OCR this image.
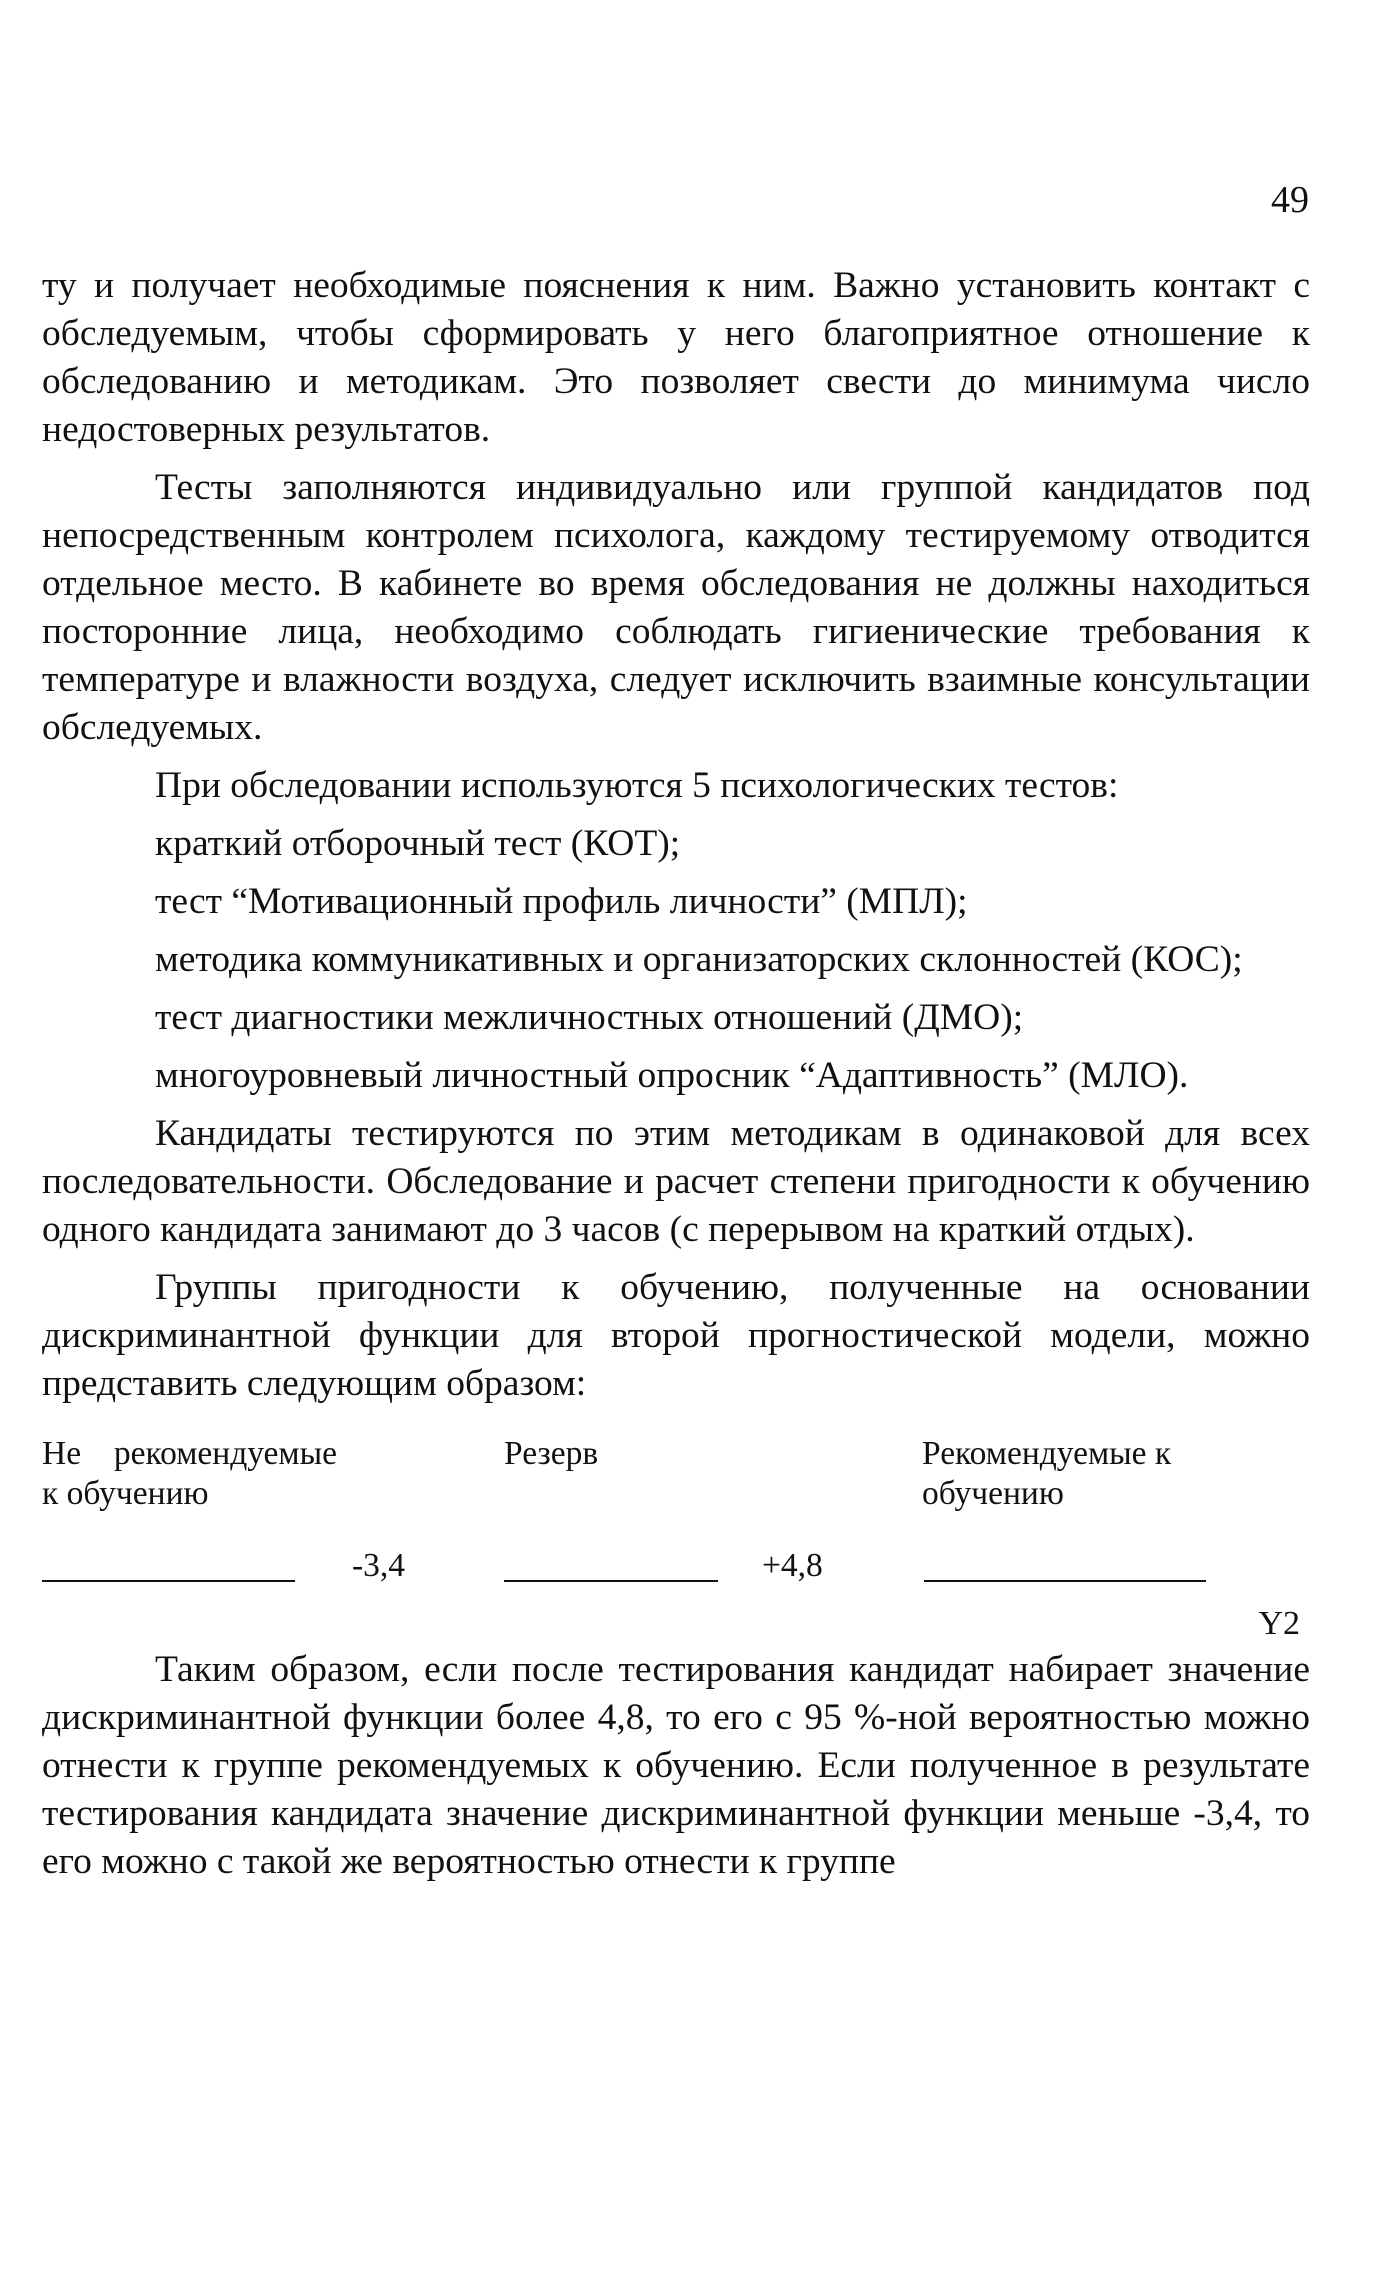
49

ту и получает необходимые пояснения к ним. Важно установить контакт с обследуемым, чтобы сформировать у него благоприятное отношение к обследованию и методикам. Это позволяет свести до минимума число недостоверных результатов.

Тесты заполняются индивидуально или группой кандидатов под непосредственным контролем психолога, каждому тестируемому отводится отдельное место. В кабинете во время обследования не должны находиться посторонние лица, необходимо соблюдать гигиенические требования к температуре и влажности воздуха, следует исключить взаимные консультации обследуемых.

При обследовании используются 5 психологических тестов:

краткий отборочный тест (КОТ);
тест “Мотивационный профиль личности” (МПЛ);
методика коммуникативных и организаторских склонностей (КОС);
тест диагностики межличностных отношений (ДМО);
многоуровневый личностный опросник “Адаптивность” (МЛО).

Кандидаты тестируются по этим методикам в одинаковой для всех последовательности. Обследование и расчет степени пригодности к обучению одного кандидата занимают до 3 часов (с перерывом на краткий отдых).

Группы пригодности к обучению, полученные на основании дискриминантной функции для второй прогностической модели, можно представить следующим образом:

Не рекомендуемые к обучению
Резерв	Рекомендуемые к обучению
-3,4	+4,8
Y2

Таким образом, если после тестирования кандидат набирает значение дискриминантной функции более 4,8, то его с 95 %-ной вероятностью можно отнести к группе рекомендуемых к обучению. Если полученное в результате тестирования кандидата значение дискриминантной функции меньше -3,4, то его можно с такой же вероятностью отнести к группе
